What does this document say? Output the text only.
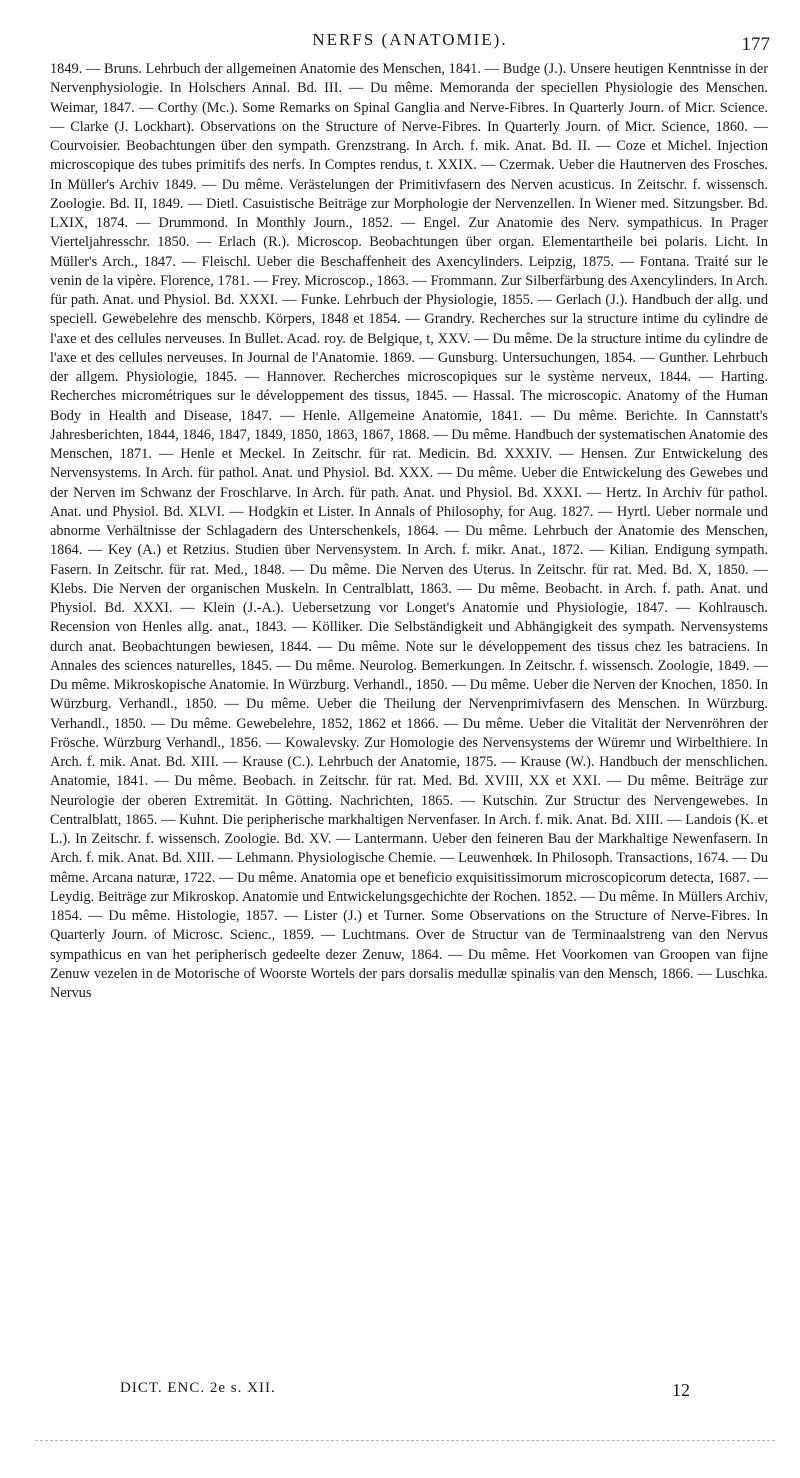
NERFS (ANATOMIE).	177

1849. — Bruns. Lehrbuch der allgemeinen Anatomie des Menschen, 1841. — Budge (J.). Unsere heutigen Kenntnisse in der Nervenphysiologie. In Holschers Annal. Bd. III. — Du même. Memoranda der speciellen Physiologie des Menschen. Weimar, 1847. — Corthy (Mc.). Some Remarks on Spinal Ganglia and Nerve-Fibres. In Quarterly Journ. of Micr. Science. — Clarke (J. Lockhart). Observations on the Structure of Nerve-Fibres. In Quarterly Journ. of Micr. Science, 1860. — Courvoisier. Beobachtungen über den sympath. Grenzstrang. In Arch. f. mik. Anat. Bd. II. — Coze et Michel. Injection microscopique des tubes primitifs des nerfs. In Comptes rendus, t. XXIX. — Czermak. Ueber die Hautnerven des Frosches. In Müller's Archiv 1849. — Du même. Verästelungen der Primitivfasern des Nerven acusticus. In Zeitschr. f. wissensch. Zoologie. Bd. II, 1849. — Dietl. Casuistische Beiträge zur Morphologie der Nervenzellen. In Wiener med. Sitzungsber. Bd. LXIX, 1874. — Drummond. In Monthly Journ., 1852. — Engel. Zur Anatomie des Nerv. sympathicus. In Prager Vierteljahresschr. 1850. — Erlach (R.). Microscop. Beobachtungen über organ. Elementartheile bei polaris. Licht. In Müller's Arch., 1847. — Fleischl. Ueber die Beschaffenheit des Axencylinders. Leipzig, 1875. — Fontana. Traité sur le venin de la vipère. Florence, 1781. — Frey. Microscop., 1863. — Frommann. Zur Silberfärbung des Axencylinders. In Arch. für path. Anat. und Physiol. Bd. XXXI. — Funke. Lehrbuch der Physiologie, 1855. — Gerlach (J.). Handbuch der allg. und speciell. Gewebelehre des menschb. Körpers, 1848 et 1854. — Grandry. Recherches sur la structure intime du cylindre de l'axe et des cellules nerveuses. In Bullet. Acad. roy. de Belgique, t, XXV. — Du même. De la structure intime du cylindre de l'axe et des cellules nerveuses. In Journal de l'Anatomie. 1869. — Gunsburg. Untersuchungen, 1854. — Gunther. Lehrbuch der allgem. Physiologie, 1845. — Hannover. Recherches microscopiques sur le système nerveux, 1844. — Harting. Recherches micrométriques sur le développement des tissus, 1845. — Hassal. The microscopic. Anatomy of the Human Body in Health and Disease, 1847. — Henle. Allgemeine Anatomie, 1841. — Du même. Berichte. In Cannstatt's Jahresberichten, 1844, 1846, 1847, 1849, 1850, 1863, 1867, 1868. — Du même. Handbuch der systematischen Anatomie des Menschen, 1871. — Henle et Meckel. In Zeitschr. für rat. Medicin. Bd. XXXIV. — Hensen. Zur Entwickelung des Nervensystems. In Arch. für pathol. Anat. und Physiol. Bd. XXX. — Du même. Ueber die Entwickelung des Gewebes und der Nerven im Schwanz der Froschlarve. In Arch. für path. Anat. und Physiol. Bd. XXXI. — Hertz. In Archiv für pathol. Anat. und Physiol. Bd. XLVI. — Hodgkin et Lister. In Annals of Philosophy, for Aug. 1827. — Hyrtl. Ueber normale und abnorme Verhältnisse der Schlagadern des Unterschenkels, 1864. — Du même. Lehrbuch der Anatomie des Menschen, 1864. — Key (A.) et Retzius. Studien über Nervensystem. In Arch. f. mikr. Anat., 1872. — Kilian. Endigung sympath. Fasern. In Zeitschr. für rat. Med., 1848. — Du même. Die Nerven des Uterus. In Zeitschr. für rat. Med. Bd. X, 1850. — Klebs. Die Nerven der organischen Muskeln. In Centralblatt, 1863. — Du même. Beobacht. in Arch. f. path. Anat. und Physiol. Bd. XXXI. — Klein (J.-A.). Uebersetzung vor Longet's Anatomie und Physiologie, 1847. — Kohlrausch. Recension von Henles allg. anat., 1843. — Kölliker. Die Selbständigkeit und Abhängigkeit des sympath. Nervensystems durch anat. Beobachtungen bewiesen, 1844. — Du même. Note sur le développement des tissus chez les batraciens. In Annales des sciences naturelles, 1845. — Du même. Neurolog. Bemerkungen. In Zeitschr. f. wissensch. Zoologie, 1849. — Du même. Mikroskopische Anatomie. In Würzburg. Verhandl., 1850. — Du même. Ueber die Nerven der Knochen, 1850. In Würzburg. Verhandl., 1850. — Du même. Ueber die Theilung der Nervenprimivfasern des Menschen. In Würzburg. Verhandl., 1850. — Du même. Gewebelehre, 1852, 1862 et 1866. — Du même. Ueber die Vitalität der Nervenröhren der Frösche. Würzburg Verhandl., 1856. — Kowalevsky. Zur Homologie des Nervensystems der Würemr und Wirbelthiere. In Arch. f. mik. Anat. Bd. XIII. — Krause (C.). Lehrbuch der Anatomie, 1875. — Krause (W.). Handbuch der menschlichen. Anatomie, 1841. — Du même. Beobach. in Zeitschr. für rat. Med. Bd. XVIII, XX et XXI. — Du même. Beiträge zur Neurologie der oberen Extremität. In Götting. Nachrichten, 1865. — Kutschin. Zur Structur des Nervengewebes. In Centralblatt, 1865. — Kuhnt. Die peripherische markhaltigen Nervenfaser. In Arch. f. mik. Anat. Bd. XIII. — Landois (K. et L.). In Zeitschr. f. wissensch. Zoologie. Bd. XV. — Lantermann. Ueber den feineren Bau der Markhaltige Newenfasern. In Arch. f. mik. Anat. Bd. XIII. — Lehmann. Physiologische Chemie. — Leuwenhœk. In Philosoph. Transactions, 1674. — Du même. Arcana naturæ, 1722. — Du même. Anatomia ope et beneficio exquisitissimorum microscopicorum detecta, 1687. — Leydig. Beiträge zur Mikroskop. Anatomie und Entwickelungsgechichte der Rochen. 1852. — Du même. In Müllers Archiv, 1854. — Du même. Histologie, 1857. — Lister (J.) et Turner. Some Observations on the Structure of Nerve-Fibres. In Quarterly Journ. of Microsc. Scienc., 1859. — Luchtmans. Over de Structur van de Terminaalstreng van den Nervus sympathicus en van het peripherisch gedeelte dezer Zenuw, 1864. — Du même. Het Voorkomen van Groopen van fijne Zenuw vezelen in de Motorische of Woorste Wortels der pars dorsalis medullæ spinalis van den Mensch, 1866. — Luschka. Nervus

DICT. ENC. 2e s. XII.	12
